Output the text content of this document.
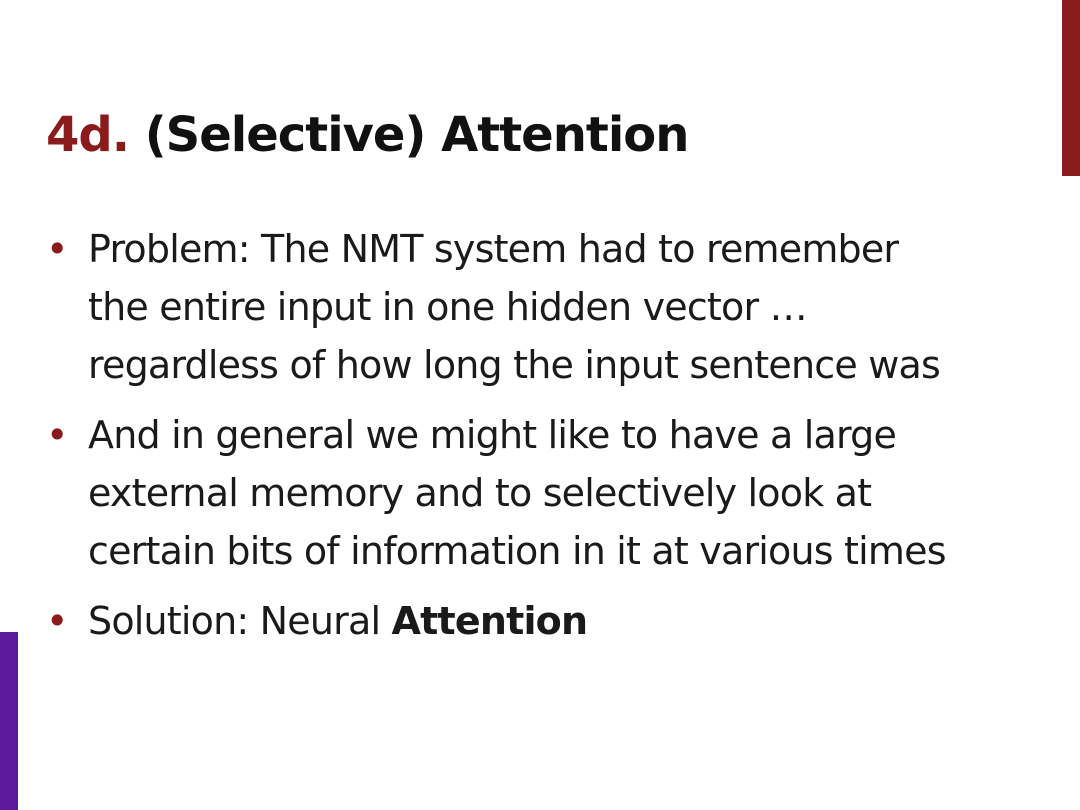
4d. (Selective) Attention
• Problem: The NMT system had to remember
the entire input in one hidden vector …
regardless of how long the input sentence was
• And in general we might like to have a large
external memory and to selectively look at
certain bits of information in it at various times
• Solution: Neural Attention
